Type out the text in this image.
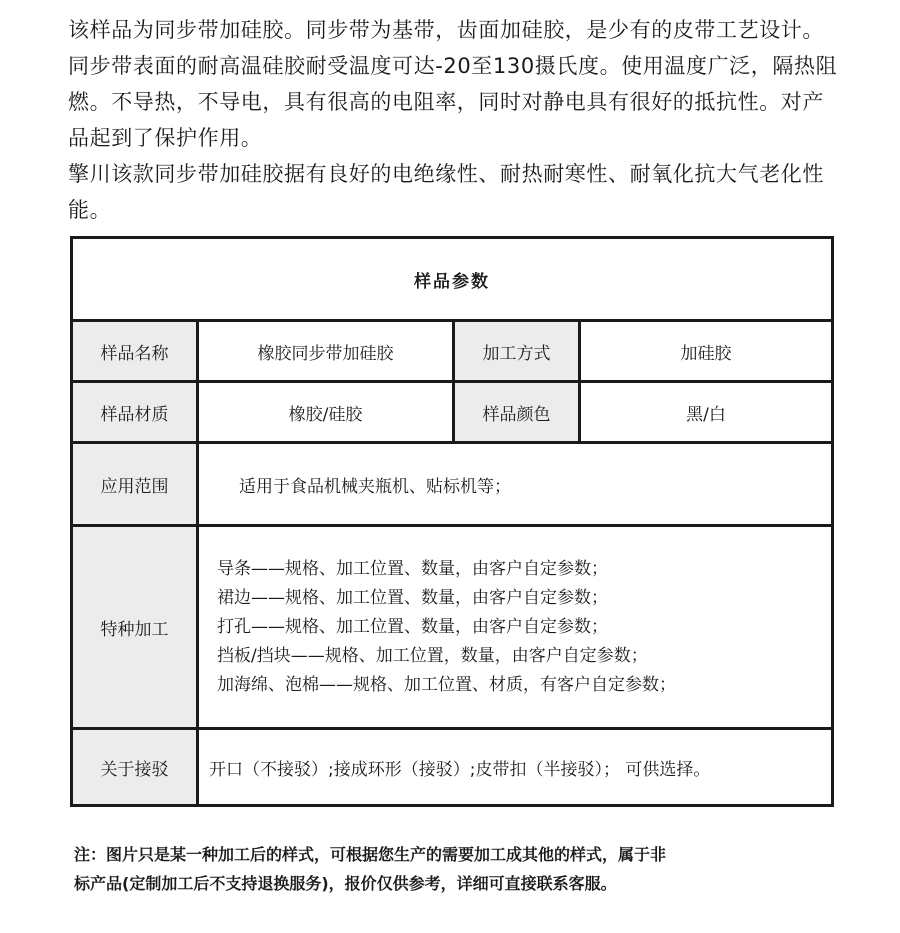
该样品为同步带加硅胶。同步带为基带，齿面加硅胶，是少有的皮带工艺设计。同步带表面的耐高温硅胶耐受温度可达-20至130摄氏度。使用温度广泛，隔热阻燃。不导热，不导电，具有很高的电阻率，同时对静电具有很好的抵抗性。对产品起到了保护作用。

擎川该款同步带加硅胶据有良好的电绝缘性、耐热耐寒性、耐氧化抗大气老化性能。

样品参数			
样品名称	橡胶同步带加硅胶	加工方式	加硅胶
样品材质	橡胶/硅胶	样品颜色	黑/白
应用范围	适用于食品机械夹瓶机、贴标机等；		
特种加工	导条——规格、加工位置、数量，由客户自定参数；
裙边——规格、加工位置、数量，由客户自定参数；
打孔——规格、加工位置、数量，由客户自定参数；
挡板/挡块——规格、加工位置，数量，由客户自定参数；
加海绵、泡棉——规格、加工位置、材质，有客户自定参数；		

关于接驳	开口（不接驳）;接成环形（接驳）;皮带扣（半接驳）； 可供选择。		

注：图片只是某一种加工后的样式，可根据您生产的需要加工成其他的样式，属于非

标产品(定制加工后不支持退换服务)，报价仅供参考，详细可直接联系客服。
